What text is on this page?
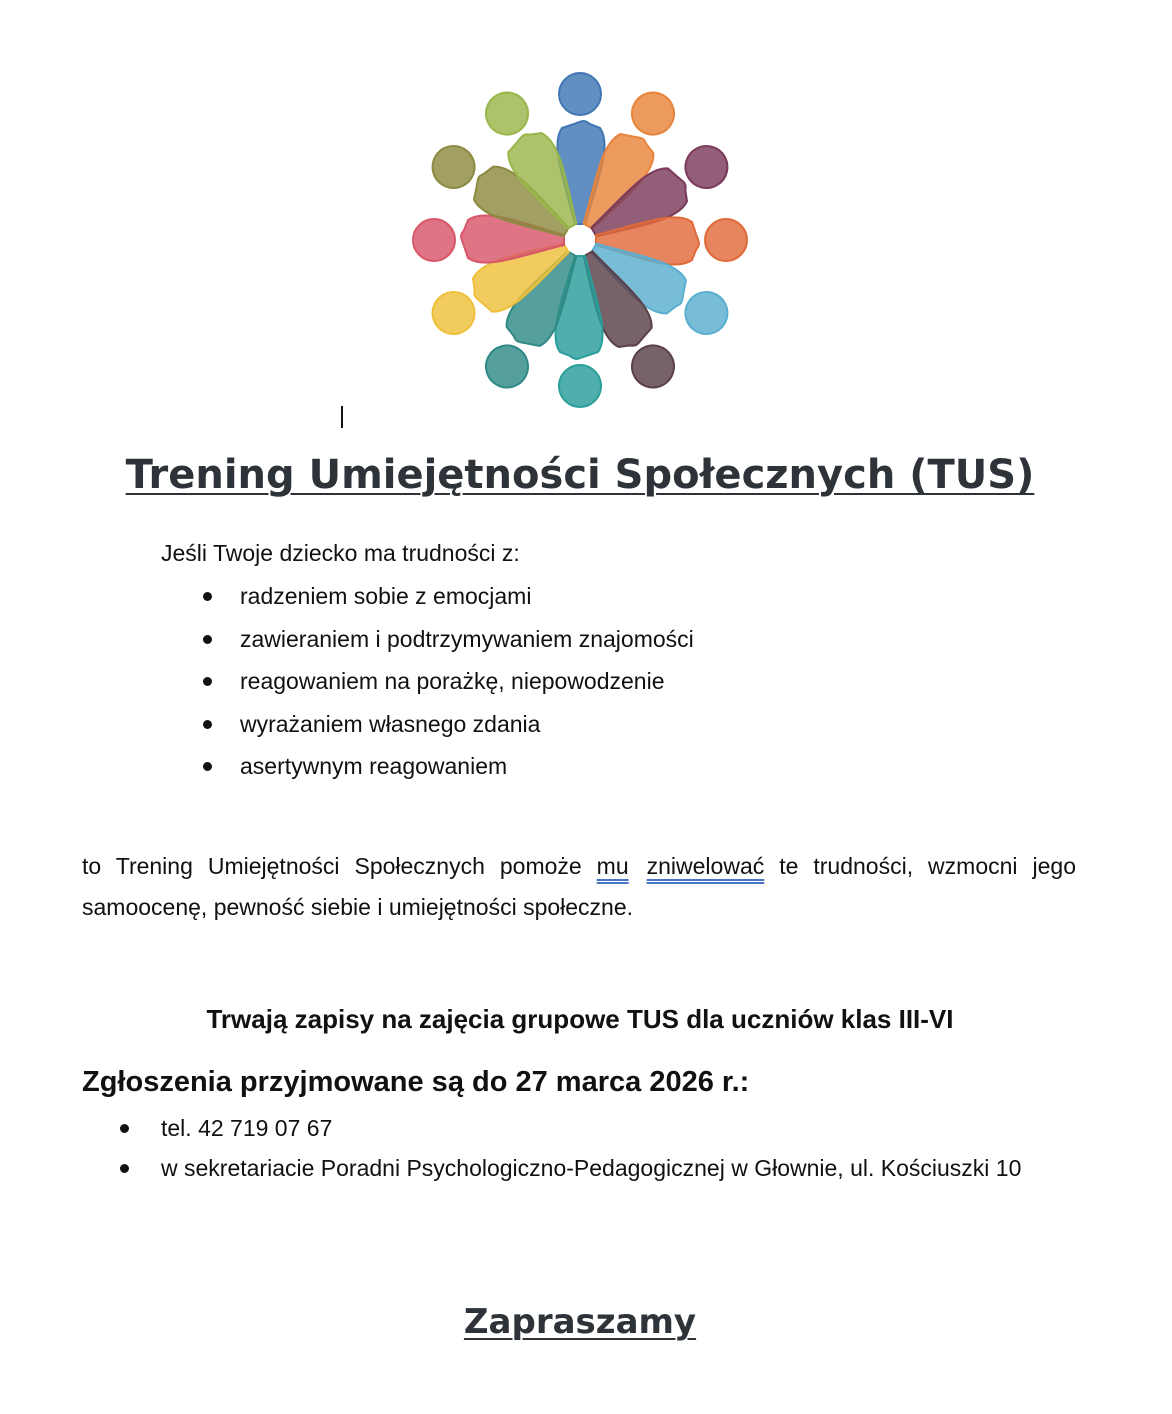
Trening Umiejętności Społecznych (TUS)

Jeśli Twoje dziecko ma trudności z:

radzeniem sobie z emocjami
zawieraniem i podtrzymywaniem znajomości
reagowaniem na porażkę, niepowodzenie
wyrażaniem własnego zdania
asertywnym reagowaniem

to Trening Umiejętności Społecznych pomoże mu zniwelować te trudności, wzmocni jego samoocenę, pewność siebie i umiejętności społeczne.

Trwają zapisy na zajęcia grupowe TUS dla uczniów klas III-VI

Zgłoszenia przyjmowane są do 27 marca 2026 r.:

tel. 42 719 07 67
w sekretariacie Poradni Psychologiczno-Pedagogicznej w Głownie, ul. Kościuszki 10
Zapraszamy
